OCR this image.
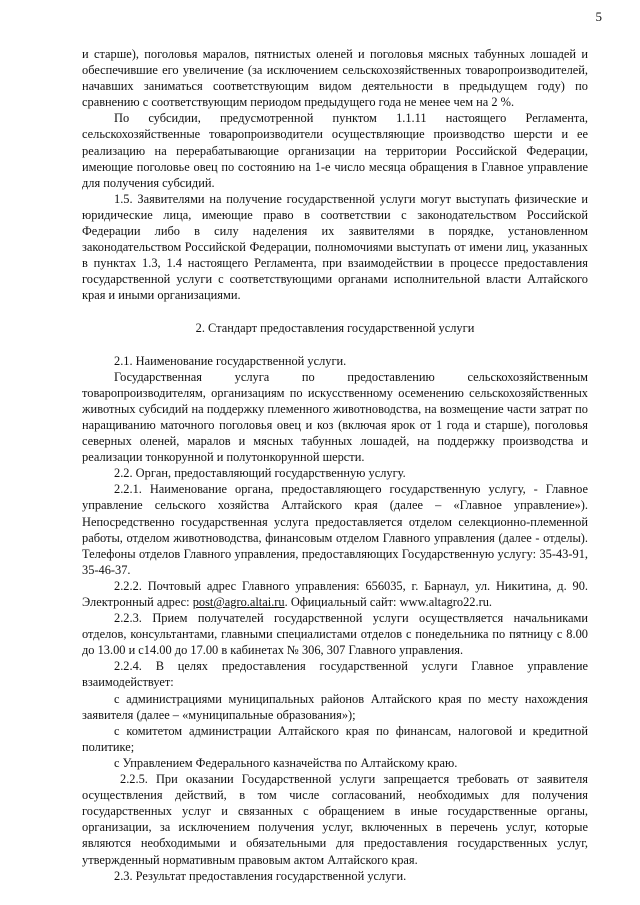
5

и старше), поголовья маралов, пятнистых оленей и поголовья мясных табунных лошадей и обеспечившие его увеличение (за исключением сельскохозяйственных товаропроизводителей, начавших заниматься соответствующим видом деятельности в предыдущем году) по сравнению с соответствующим периодом предыдущего года не менее чем на 2 %.

По субсидии, предусмотренной пунктом 1.1.11 настоящего Регламента, сельскохозяйственные товаропроизводители осуществляющие производство шерсти и ее реализацию на перерабатывающие организации на территории Российской Федерации, имеющие поголовье овец по состоянию на 1-е число месяца обращения в Главное управление для получения субсидий.

1.5. Заявителями на получение государственной услуги могут выступать физические и юридические лица, имеющие право в соответствии с законодательством Российской Федерации либо в силу наделения их заявителями в порядке, установленном законодательством Российской Федерации, полномочиями выступать от имени лиц, указанных в пунктах 1.3, 1.4 настоящего Регламента, при взаимодействии в процессе предоставления государственной услуги с соответствующими органами исполнительной власти Алтайского края и иными организациями.

2. Стандарт предоставления государственной услуги

2.1. Наименование государственной услуги.

Государственная услуга по предоставлению сельскохозяйственным товаропроизводителям, организациям по искусственному осеменению сельскохозяйственных животных субсидий на поддержку племенного животноводства, на возмещение части затрат по наращиванию маточного поголовья овец и коз (включая ярок от 1 года и старше), поголовья северных оленей, маралов и мясных табунных лошадей, на поддержку производства и реализации тонкорунной и полутонкорунной шерсти.

2.2. Орган, предоставляющий государственную услугу.

2.2.1. Наименование органа, предоставляющего государственную услугу, - Главное управление сельского хозяйства Алтайского края (далее – «Главное управление»). Непосредственно государственная услуга предоставляется отделом селекционно-племенной работы, отделом животноводства, финансовым отделом Главного управления (далее - отделы). Телефоны отделов Главного управления, предоставляющих Государственную услугу: 35-43-91, 35-46-37.

2.2.2. Почтовый адрес Главного управления: 656035, г. Барнаул, ул. Никитина, д. 90. Электронный адрес: post@agro.altai.ru. Официальный сайт: www.altagro22.ru.

2.2.3. Прием получателей государственной услуги осуществляется начальниками отделов, консультантами, главными специалистами отделов с понедельника по пятницу с 8.00 до 13.00 и с14.00 до 17.00 в кабинетах № 306, 307 Главного управления.

2.2.4. В целях предоставления государственной услуги Главное управление взаимодействует:

с администрациями муниципальных районов Алтайского края по месту нахождения заявителя (далее – «муниципальные образования»);

с комитетом администрации Алтайского края по финансам, налоговой и кредитной политике;

с Управлением Федерального казначейства по Алтайскому краю.

2.2.5. При оказании Государственной услуги запрещается требовать от заявителя осуществления действий, в том числе согласований, необходимых для получения государственных услуг и связанных с обращением в иные государственные органы, организации, за исключением получения услуг, включенных в перечень услуг, которые являются необходимыми и обязательными для предоставления государственных услуг, утвержденный нормативным правовым актом Алтайского края.

2.3. Результат предоставления государственной услуги.
